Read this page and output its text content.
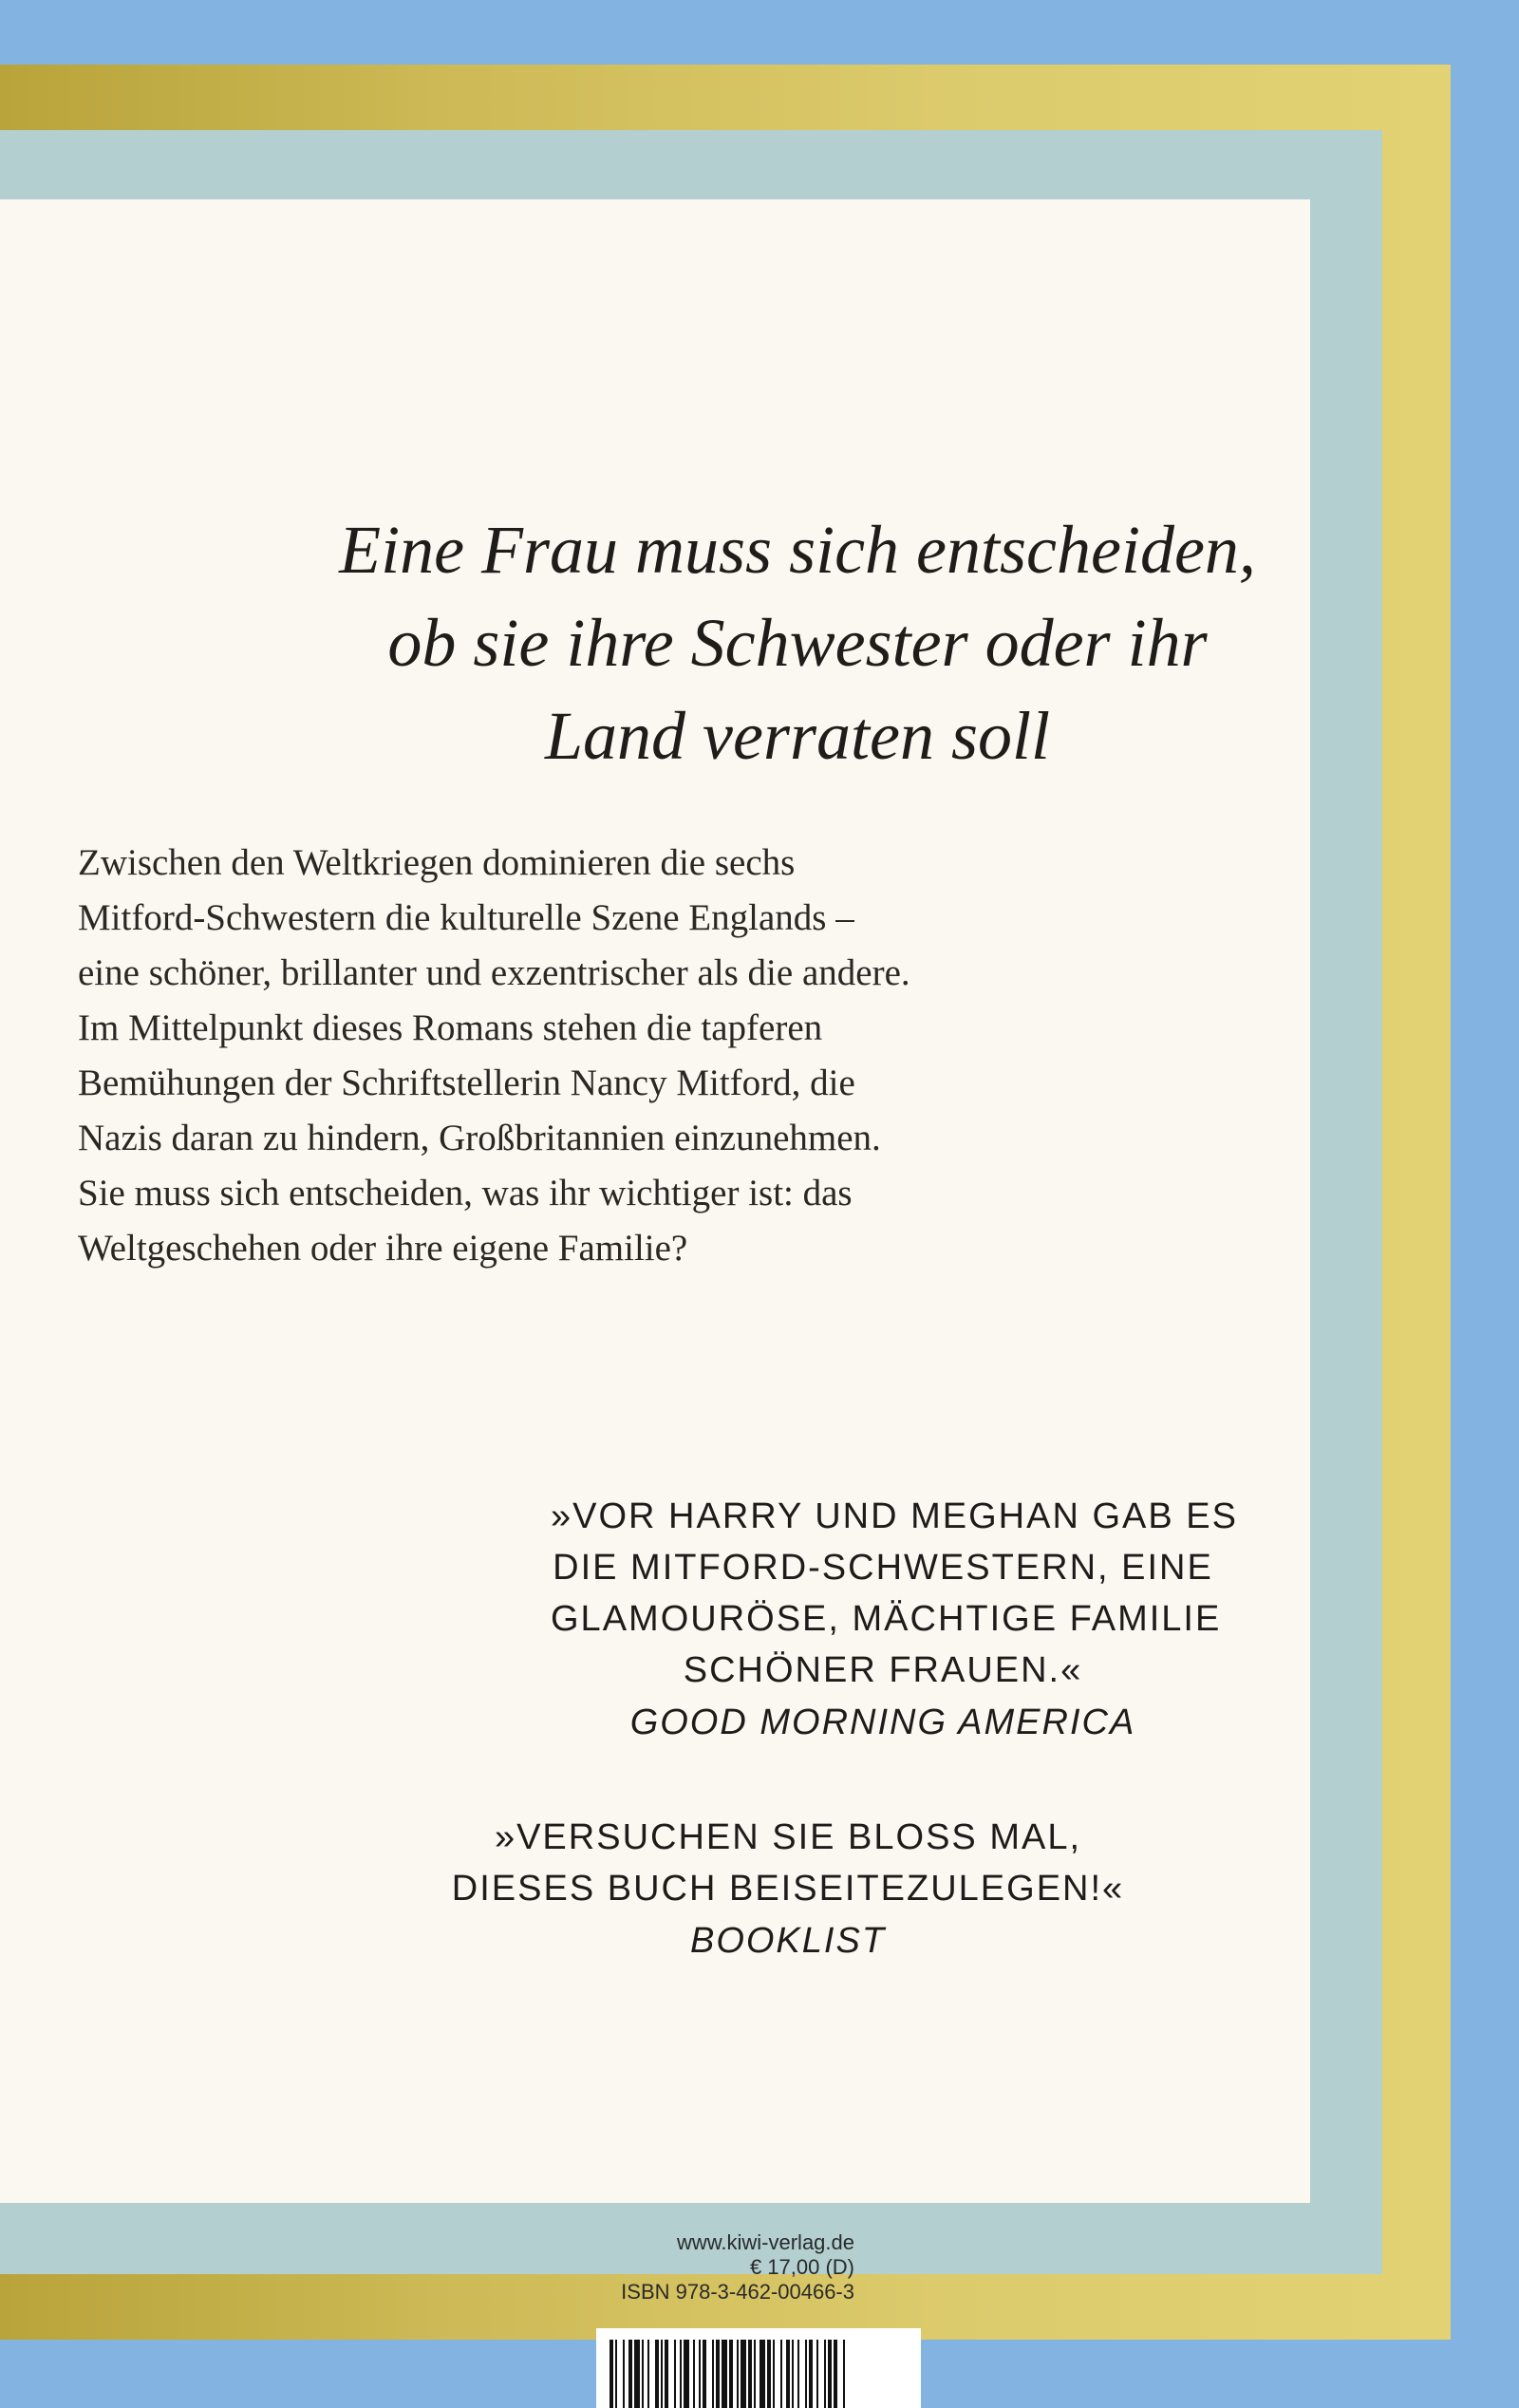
Eine Frau muss sich entscheiden,
ob sie ihre Schwester oder ihr
Land verraten soll

Zwischen den Weltkriegen dominieren die sechs
Mitford-Schwestern die kulturelle Szene Englands –
eine schöner, brillanter und exzentrischer als die andere.
Im Mittelpunkt dieses Romans stehen die tapferen
Bemühungen der Schriftstellerin Nancy Mitford, die
Nazis daran zu hindern, Großbritannien einzunehmen.
Sie muss sich entscheiden, was ihr wichtiger ist: das
Weltgeschehen oder ihre eigene Familie?

»VOR HARRY UND MEGHAN GAB ES
DIE MITFORD-SCHWESTERN, EINE
GLAMOURÖSE, MÄCHTIGE FAMILIE
SCHÖNER FRAUEN.«
GOOD MORNING AMERICA
»VERSUCHEN SIE BLOSS MAL,
DIESES BUCH BEISEITEZULEGEN!«
BOOKLIST
www.kiwi-verlag.de
€ 17,00 (D)
ISBN 978-3-462-00466-3
